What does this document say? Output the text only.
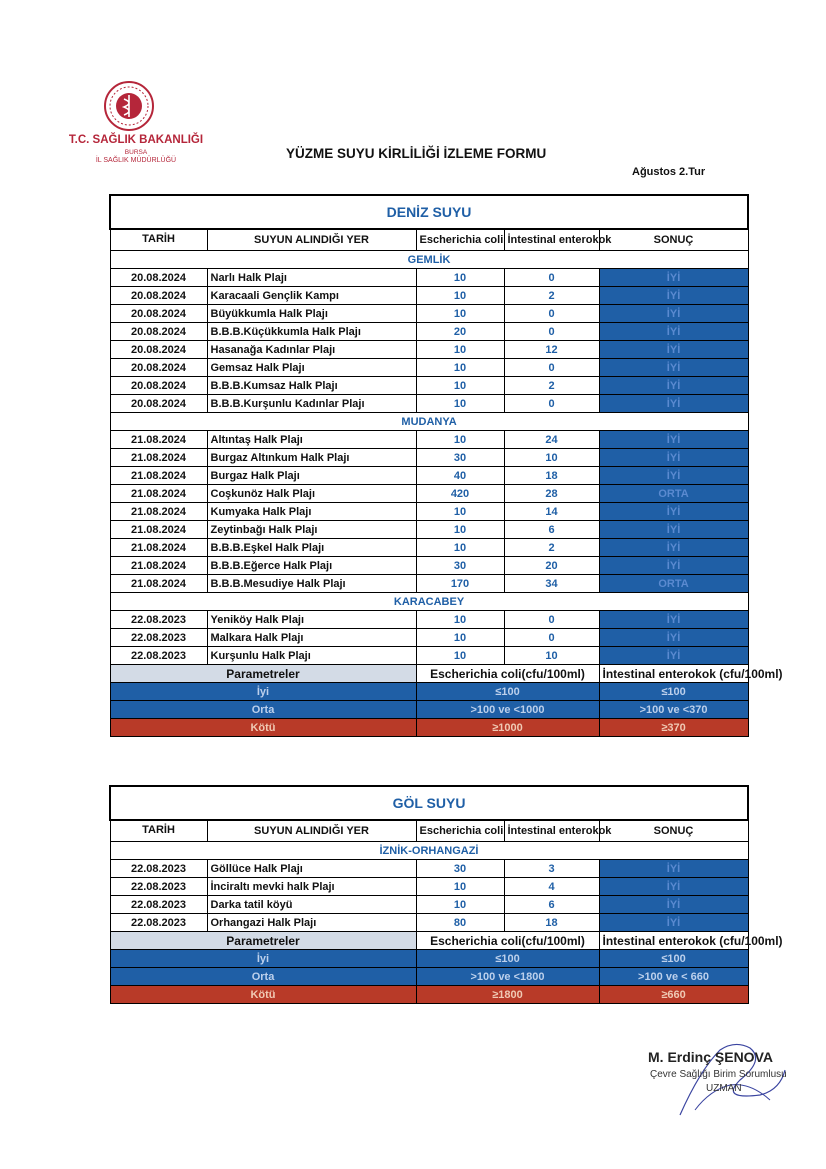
T.C. SAĞLIK BAKANLIĞI
BURSA
İL SAĞLIK MÜDÜRLÜĞÜ	YÜZME SUYU KİRLİLİĞİ İZLEME FORMU
Ağustos 2.Tur
DENİZ SUYU				
TARİH	SUYUN ALINDIĞI YER	Escherichia coli	İntestinal enterokok	SONUÇ
GEMLİK				
20.08.2024	Narlı Halk Plajı	10	0	İYİ
20.08.2024	Karacaali Gençlik Kampı	10	2	İYİ
20.08.2024	Büyükkumla Halk Plajı	10	0	İYİ
20.08.2024	B.B.B.Küçükkumla Halk Plajı	20	0	İYİ
20.08.2024	Hasanağa Kadınlar Plajı	10	12	İYİ
20.08.2024	Gemsaz Halk Plajı	10	0	İYİ
20.08.2024	B.B.B.Kumsaz Halk Plajı	10	2	İYİ
20.08.2024	B.B.B.Kurşunlu Kadınlar Plajı	10	0	İYİ
MUDANYA				
21.08.2024	Altıntaş Halk Plajı	10	24	İYİ
21.08.2024	Burgaz Altınkum Halk Plajı	30	10	İYİ
21.08.2024	Burgaz Halk Plajı	40	18	İYİ
21.08.2024	Coşkunöz Halk Plajı	420	28	ORTA
21.08.2024	Kumyaka Halk Plajı	10	14	İYİ
21.08.2024	Zeytinbağı Halk Plajı	10	6	İYİ
21.08.2024	B.B.B.Eşkel Halk Plajı	10	2	İYİ
21.08.2024	B.B.B.Eğerce Halk Plajı	30	20	İYİ
21.08.2024	B.B.B.Mesudiye Halk Plajı	170	34	ORTA
KARACABEY				
22.08.2023	Yeniköy Halk Plajı	10	0	İYİ
22.08.2023	Malkara Halk Plajı	10	0	İYİ
22.08.2023	Kurşunlu Halk Plajı	10	10	İYİ
Parametreler		Escherichia coli(cfu/100ml)		İntestinal enterokok (cfu/100ml)
İyi		≤100		≤100
Orta		>100 ve <1000		>100 ve <370
Kötü		≥1000		≥370
GÖL SUYU				
TARİH	SUYUN ALINDIĞI YER	Escherichia coli	İntestinal enterokok	SONUÇ
İZNİK-ORHANGAZİ				
22.08.2023	Göllüce Halk Plajı	30	3	İYİ
22.08.2023	İnciraltı mevki halk Plajı	10	4	İYİ
22.08.2023	Darka tatil köyü	10	6	İYİ
22.08.2023	Orhangazi Halk Plajı	80	18	İYİ
Parametreler		Escherichia coli(cfu/100ml)		İntestinal enterokok (cfu/100ml)
İyi		≤100		≤100
Orta		>100 ve <1800		>100 ve < 660
Kötü		≥1800		≥660
M. Erdinç ŞENOVA
Çevre Sağlığı Birim Sorumlusu
UZMAN
